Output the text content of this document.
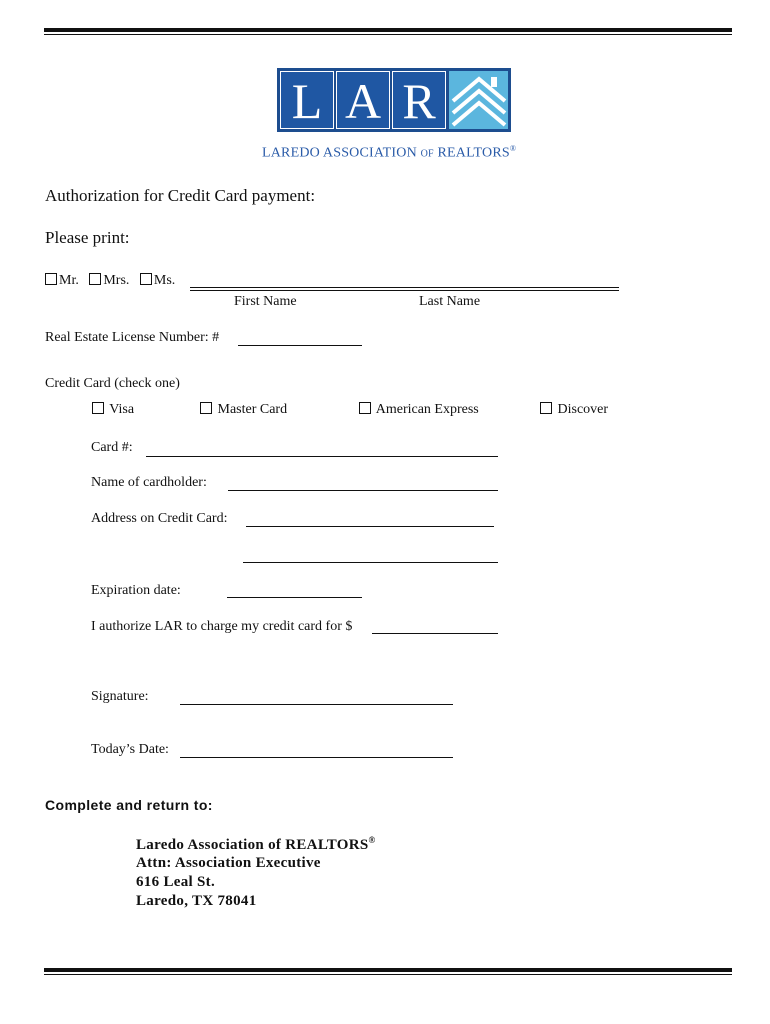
L A R
LAREDO ASSOCIATION OF REALTORS®
Authorization for Credit Card payment:
Please print:
Mr. Mrs. Ms.
First Name	Last Name
Real Estate License Number: #
Credit Card (check one)
Visa	Master Card	American Express	Discover
Card #:
Name of cardholder:
Address on Credit Card:
Expiration date:
I authorize LAR to charge my credit card for $
Signature:
Today’s Date:
Complete and return to:
Laredo Association of REALTORS®
Attn: Association Executive
616 Leal St.
Laredo, TX 78041
